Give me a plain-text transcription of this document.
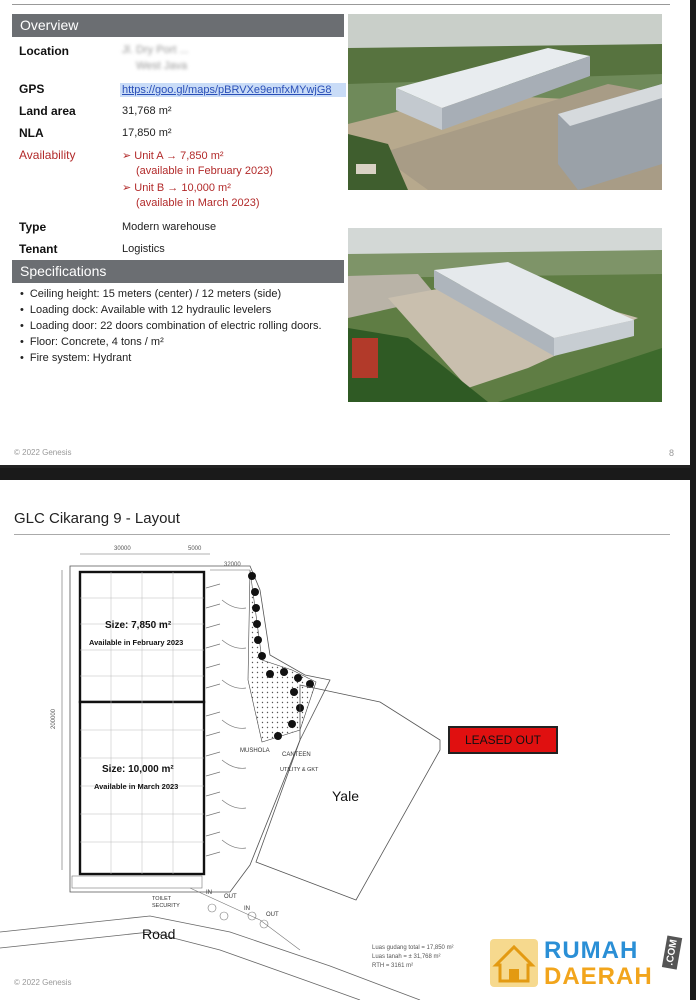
Overview
Location	Jl. Dry Port ...
West Java
GPS	https://goo.gl/maps/pBRVXe9emfxMYwjG8
Land area	31,768 m²
NLA	17,850 m²
Availability	➢ Unit A → 7,850 m²
(available in February 2023)
➢ Unit B → 10,000 m²
(available in March 2023)
Type	Modern warehouse
Tenant	Logistics
Specifications
• Ceiling height: 15 meters (center) / 12 meters (side)
• Loading dock: Available with 12 hydraulic levelers
• Loading door: 22 doors combination of electric rolling doors.
• Floor: Concrete, 4 tons / m²
• Fire system: Hydrant
© 2022 Genesis	8
GLC Cikarang 9 - Layout
Size: 7,850 m²
Available in February 2023
Size: 10,000 m²
Available in March 2023
30000	5000
32000
200000
MUSHOLA
CANTEEN
UTILITY & GKT
TOILET SECURITY
IN
OUT
IN
OUT
LEASED OUT
Yale
Road
Luas gudang total = 17,850 m²
Luas tanah = ± 31,768 m²
RTH = 3161 m²
© 2022 Genesis
RUMAH
DAERAH
.COM
